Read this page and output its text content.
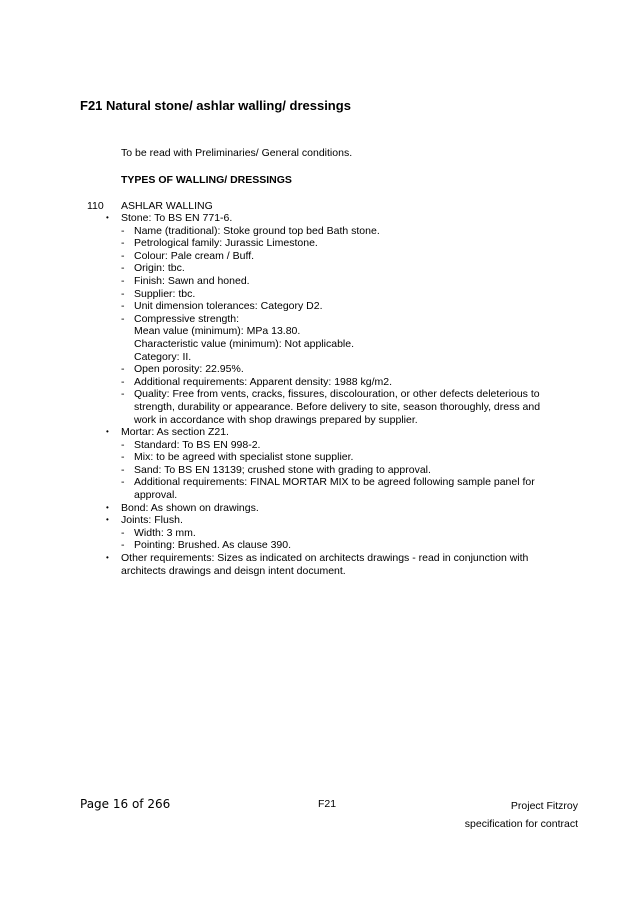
F21 Natural stone/ ashlar walling/ dressings
To be read with Preliminaries/ General conditions.
TYPES OF WALLING/ DRESSINGS
110 ASHLAR WALLING
•	Stone: To BS EN 771-6.
- Name (traditional): Stoke ground top bed Bath stone.
- Petrological family: Jurassic Limestone.
- Colour: Pale cream / Buff.
- Origin: tbc.
- Finish: Sawn and honed.
- Supplier: tbc.
- Unit dimension tolerances: Category D2.
- Compressive strength:
Mean value (minimum): MPa 13.80.
Characteristic value (minimum): Not applicable.
Category: II.
- Open porosity: 22.95%.
- Additional requirements: Apparent density: 1988 kg/m2.
- Quality: Free from vents, cracks, fissures, discolouration, or other defects deleterious to strength, durability or appearance. Before delivery to site, season thoroughly, dress and work in accordance with shop drawings prepared by supplier.
•	Mortar: As section Z21.
- Standard: To BS EN 998-2.
- Mix: to be agreed with specialist stone supplier.
- Sand: To BS EN 13139; crushed stone with grading to approval.
- Additional requirements: FINAL MORTAR MIX to be agreed following sample panel for approval.
•	Bond: As shown on drawings.
•	Joints: Flush.
- Width: 3 mm.
- Pointing: Brushed. As clause 390.
•	Other requirements: Sizes as indicated on architects drawings - read in conjunction with architects drawings and deisgn intent document.
Page 16 of 266	F21	Project Fitzroy
specification for contract
